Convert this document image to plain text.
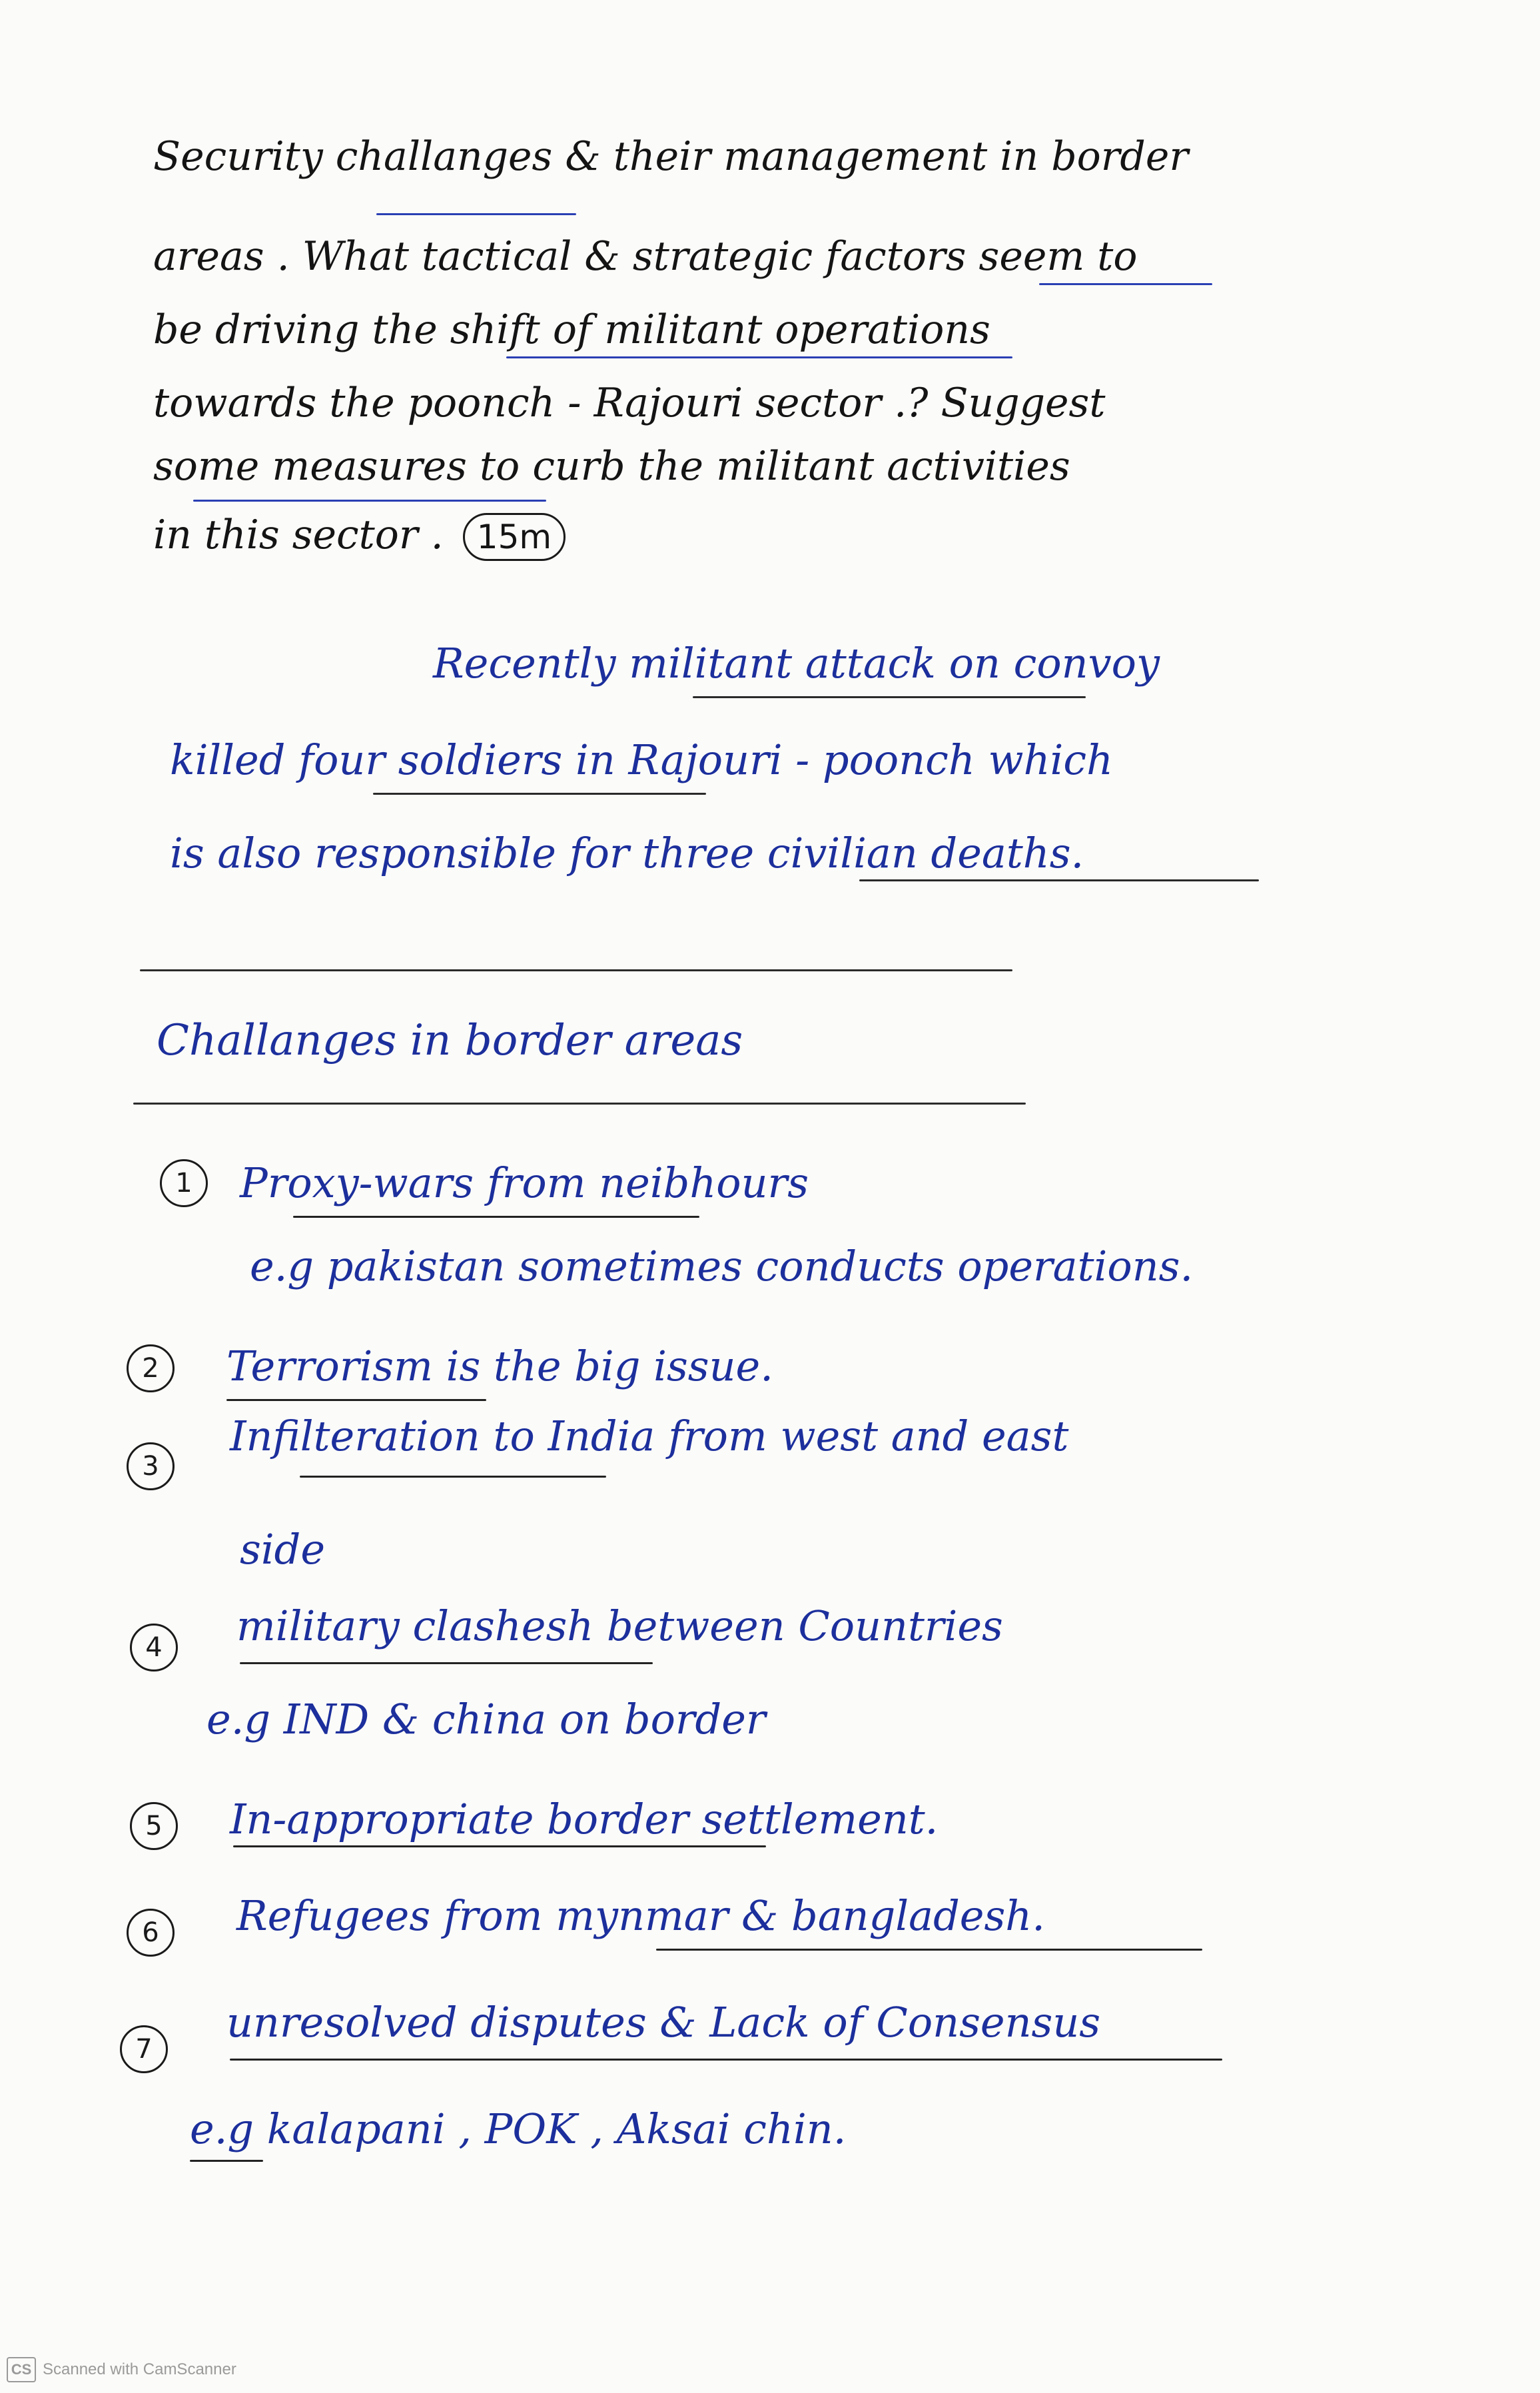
Security challanges & their management in border
areas . What tactical & strategic factors seem to
be driving the shift of militant operations
towards the poonch - Rajouri sector .? Suggest
some measures to curb the militant activities
in this sector . 15m
Recently militant attack on convoy
killed four soldiers in Rajouri - poonch which
is also responsible for three civilian deaths.
Challanges in border areas
1	Proxy-wars from neibhours
e.g pakistan sometimes conducts operations.
2	Terrorism is the big issue.
3
Infilteration to India from west and east
side
4	military clashesh between Countries
e.g IND & china on border
5	In-appropriate border settlement.
6	Refugees from mynmar & bangladesh.
7
unresolved disputes & Lack of Consensus
e.g kalapani , POK , Aksai chin.
CS Scanned with CamScanner
